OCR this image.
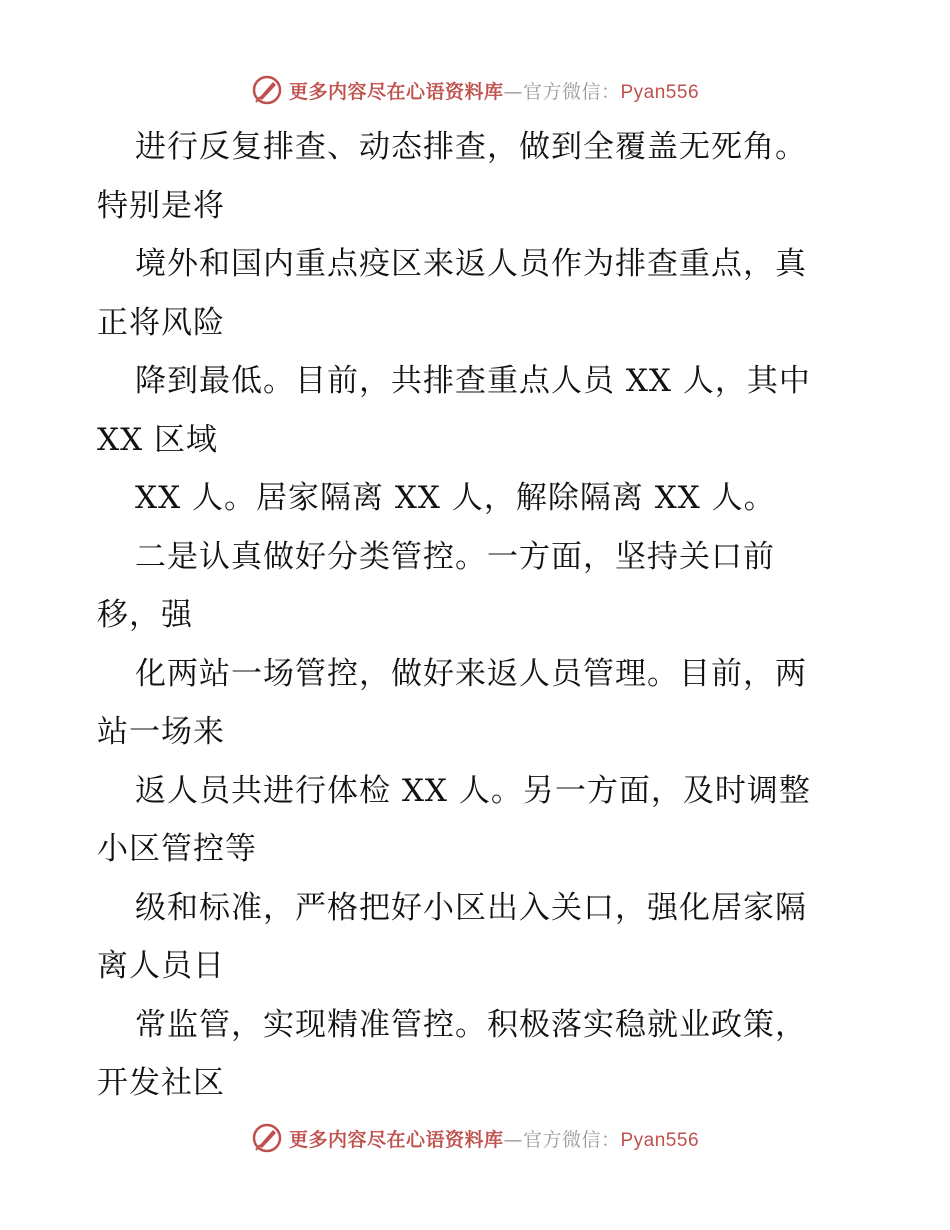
更多内容尽在心语资料库 — 官方微信： Pyan556
进行反复排查、动态排查，做到全覆盖无死角。
特别是将
境外和国内重点疫区来返人员作为排查重点，真
正将风险
降到最低。目前，共排查重点人员 XX 人，其中
XX 区域
XX 人。居家隔离 XX 人，解除隔离 XX 人。
二是认真做好分类管控。一方面，坚持关口前
移，强
化两站一场管控，做好来返人员管理。目前，两
站一场来
返人员共进行体检 XX 人。另一方面，及时调整
小区管控等
级和标准，严格把好小区出入关口，强化居家隔
离人员日
常监管，实现精准管控。积极落实稳就业政策，
开发社区
更多内容尽在心语资料库 — 官方微信： Pyan556
